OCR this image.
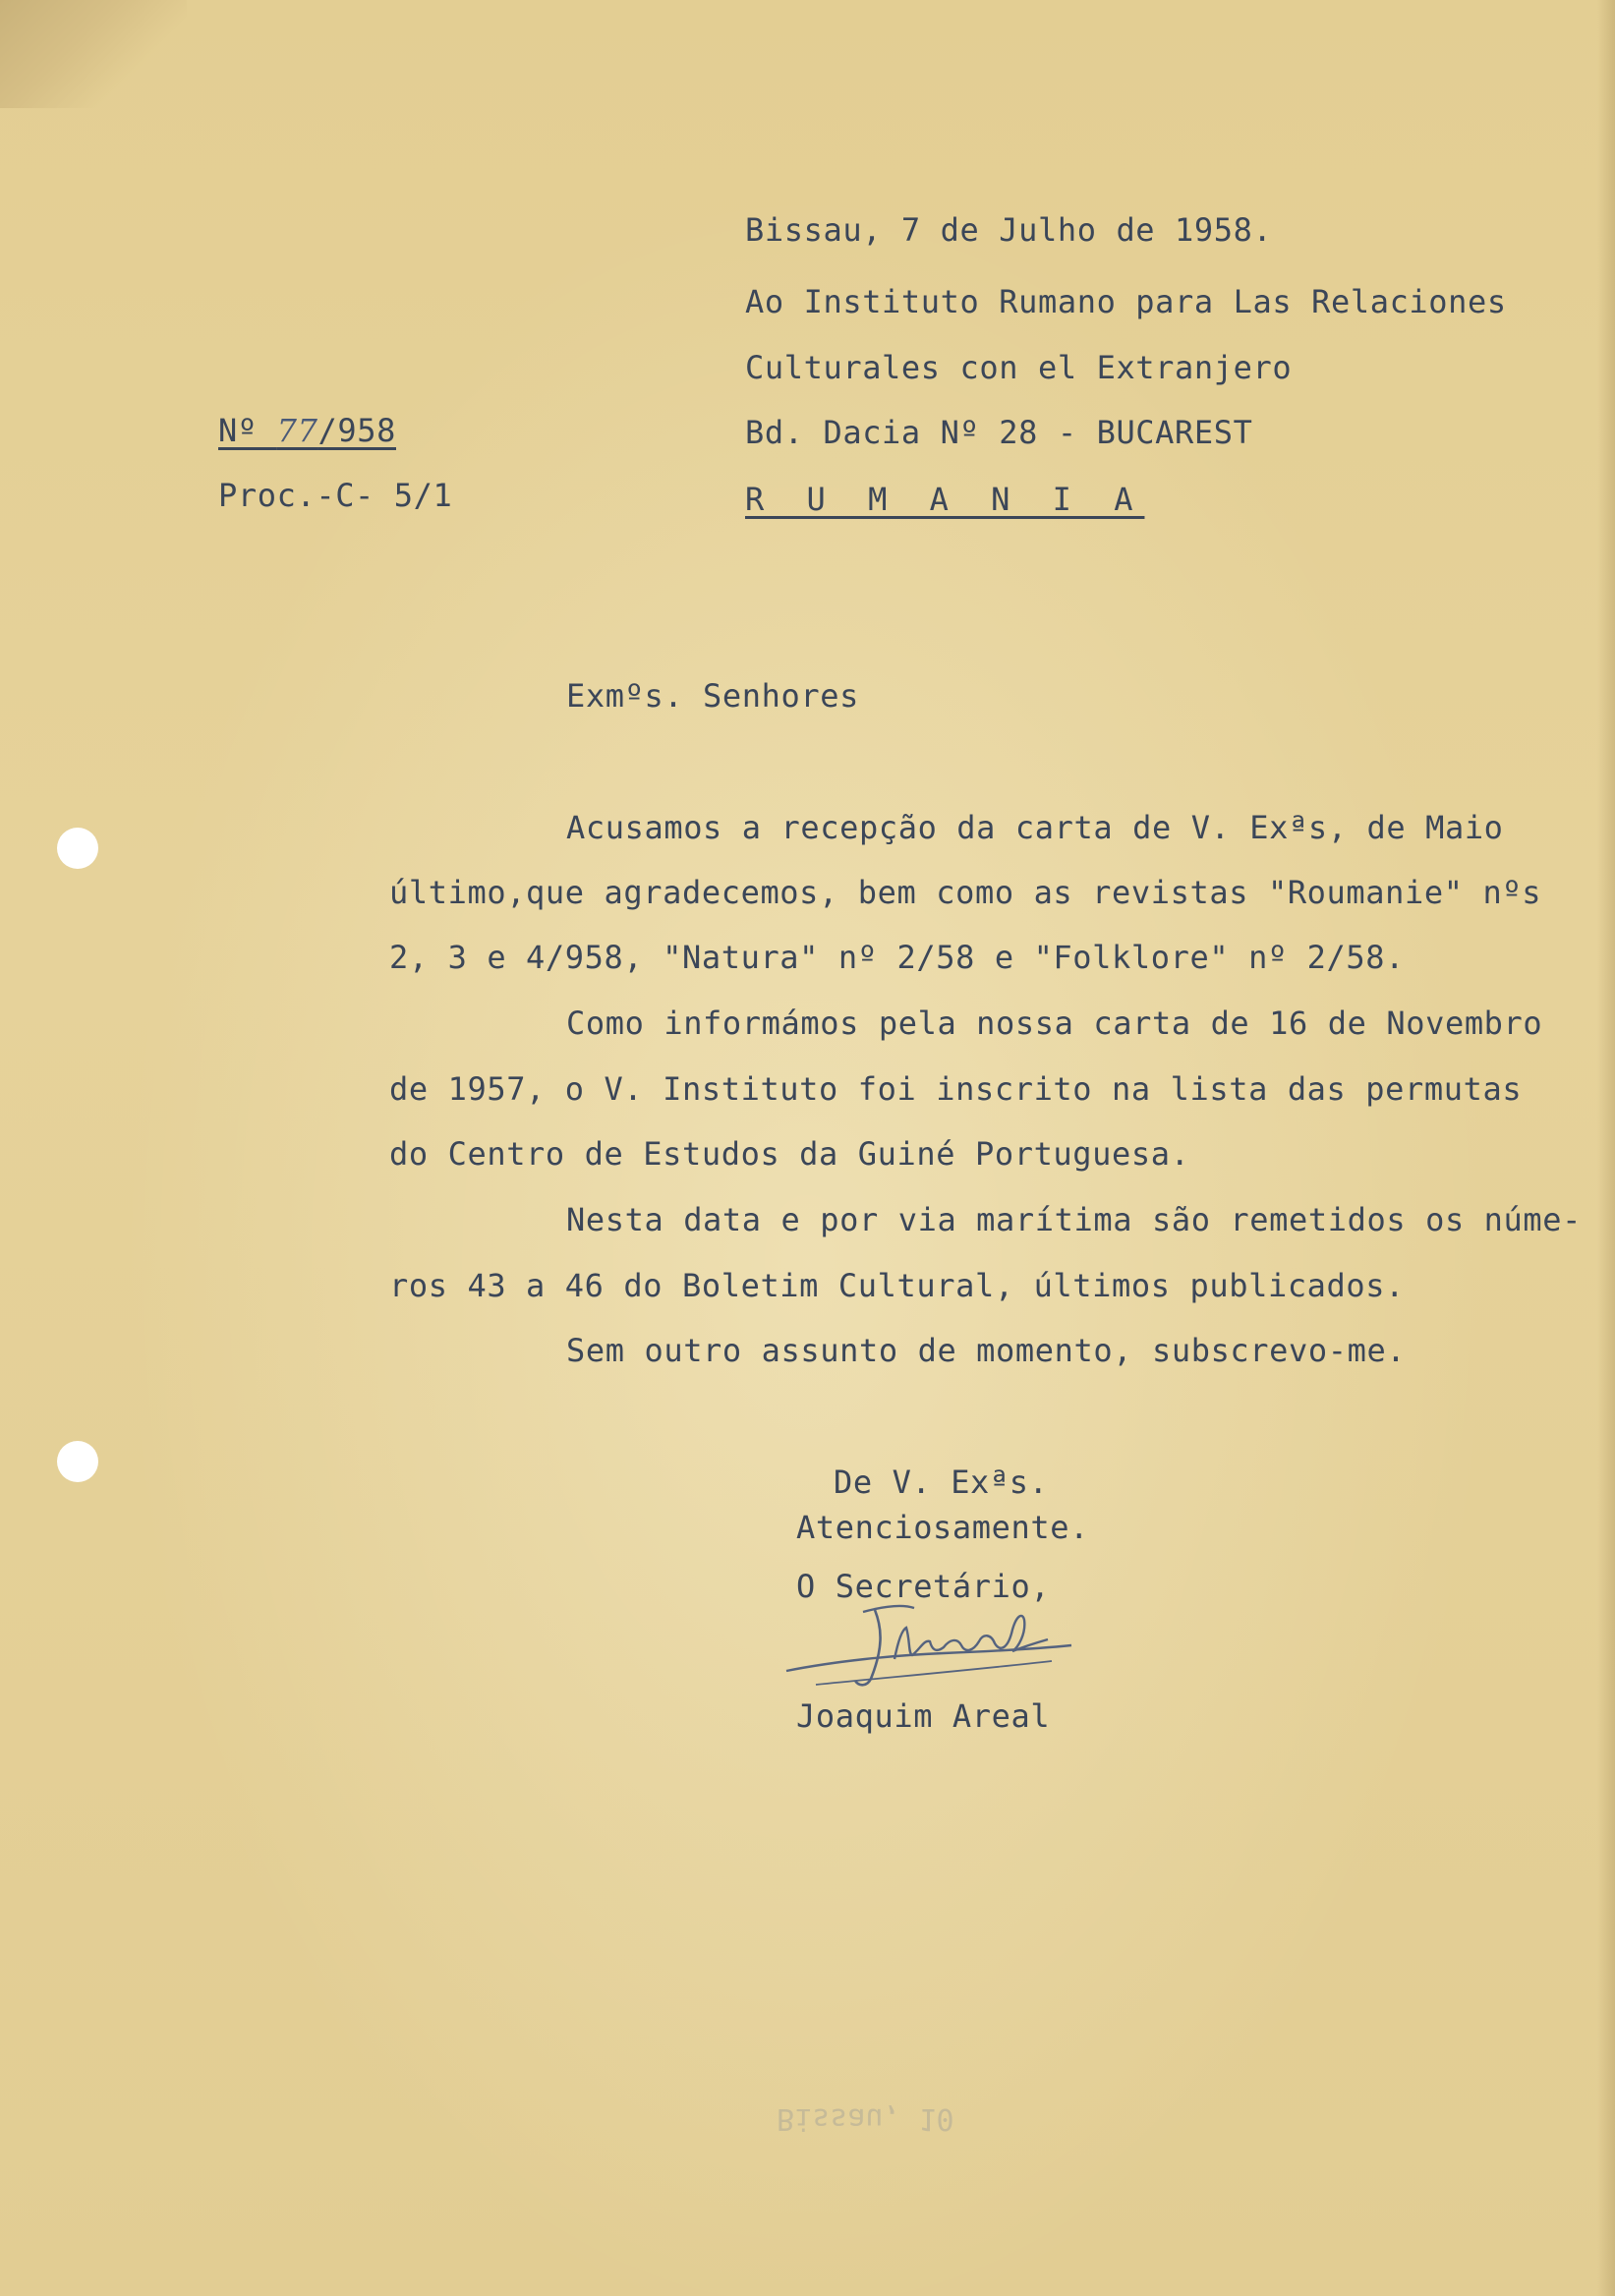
Bissau, 7 de Julho de 1958.
Ao Instituto Rumano para Las Relaciones
Culturales con el Extranjero
Bd. Dacia Nº 28 - BUCAREST
R U M A N I A
Nº 77/958
Proc.-C- 5/1
Exmºs. Senhores
Acusamos a recepção da carta de V. Exªs, de Maio
último,que agradecemos, bem como as revistas "Roumanie" nºs
2, 3 e 4/958, "Natura" nº 2/58 e "Folklore" nº 2/58.
Como informámos pela nossa carta de 16 de Novembro
de 1957, o V. Instituto foi inscrito na lista das permutas
do Centro de Estudos da Guiné Portuguesa.
Nesta data e por via marítima são remetidos os núme-
ros 43 a 46 do Boletim Cultural, últimos publicados.
Sem outro assunto de momento, subscrevo-me.
De V. Exªs.
Atenciosamente.
O Secretário,
Joaquim Areal
Bissau, 10
